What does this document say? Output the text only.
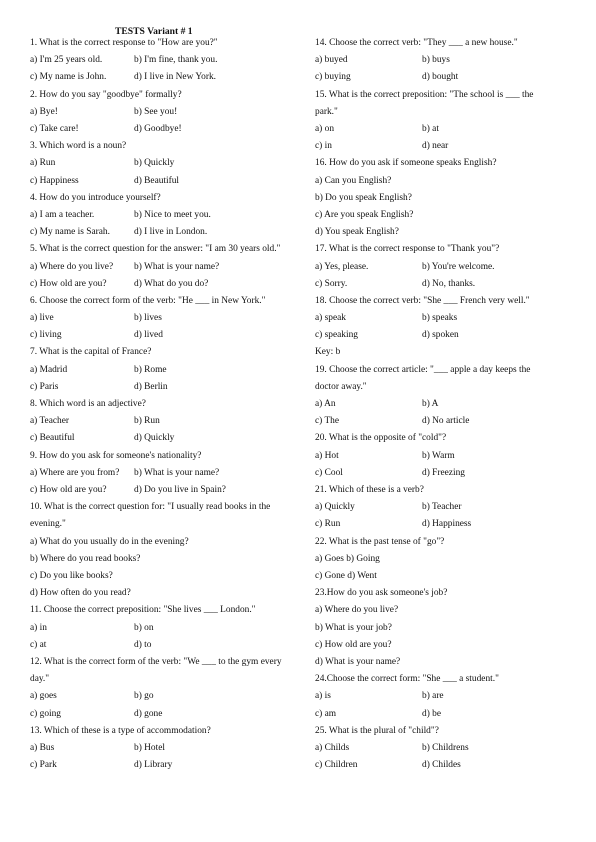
TESTS Variant # 1
1. What is the correct response to "How are you?"
a) I'm 25 years old.	b) I'm fine, thank you.
c) My name is John.	d) I live in New York.
2. How do you say "goodbye" formally?
a) Bye!	b) See you!
c) Take care!	d) Goodbye!
3. Which word is a noun?
a) Run	b) Quickly
c) Happiness	d) Beautiful
4. How do you introduce yourself?
a) I am a teacher.	b) Nice to meet you.
c) My name is Sarah.	d) I live in London.
5. What is the correct question for the answer: "I am 30 years old."
a) Where do you live?	b) What is your name?
c) How old are you?	d) What do you do?
6. Choose the correct form of the verb: "He ___ in New York."
a) live	b) lives
c) living	d) lived
7. What is the capital of France?
a) Madrid	b) Rome
c) Paris	d) Berlin
8. Which word is an adjective?
a) Teacher	b) Run
c) Beautiful	d) Quickly
9. How do you ask for someone's nationality?
a) Where are you from?	b) What is your name?
c) How old are you?	d) Do you live in Spain?
10. What is the correct question for: "I usually read books in the evening."
a) What do you usually do in the evening?
b) Where do you read books?
c) Do you like books?
d) How often do you read?
11. Choose the correct preposition: "She lives ___ London."
a) in	b) on
c) at	d) to
12. What is the correct form of the verb: "We ___ to the gym every day."
a) goes	b) go
c) going	d) gone
13. Which of these is a type of accommodation?
a) Bus	b) Hotel
c) Park	d) Library
14. Choose the correct verb: "They ___ a new house."
a) buyed	b) buys
c) buying	d) bought
15. What is the correct preposition: "The school is ___ the park."
a) on	b) at
c) in	d) near
16. How do you ask if someone speaks English?
a) Can you English?
b) Do you speak English?
c) Are you speak English?
d) You speak English?
17. What is the correct response to "Thank you"?
a) Yes, please.	b) You're welcome.
c) Sorry.	d) No, thanks.
18. Choose the correct verb: "She ___ French very well."
a) speak	b) speaks
c) speaking	d) spoken
Key: b
19. Choose the correct article: "___ apple a day keeps the doctor away."
a) An	b) A
c) The	d) No article
20. What is the opposite of "cold"?
a) Hot	b) Warm
c) Cool	d) Freezing
21. Which of these is a verb?
a) Quickly	b) Teacher
c) Run	d) Happiness
22. What is the past tense of "go"?
a) Goes b) Going
c) Gone d) Went
23.How do you ask someone's job?
a) Where do you live?
b) What is your job?
c) How old are you?
d) What is your name?
24.Choose the correct form: "She ___ a student."
a) is	b) are
c) am	d) be
25. What is the plural of "child"?
a) Childs	b) Childrens
c) Children	d) Childes
